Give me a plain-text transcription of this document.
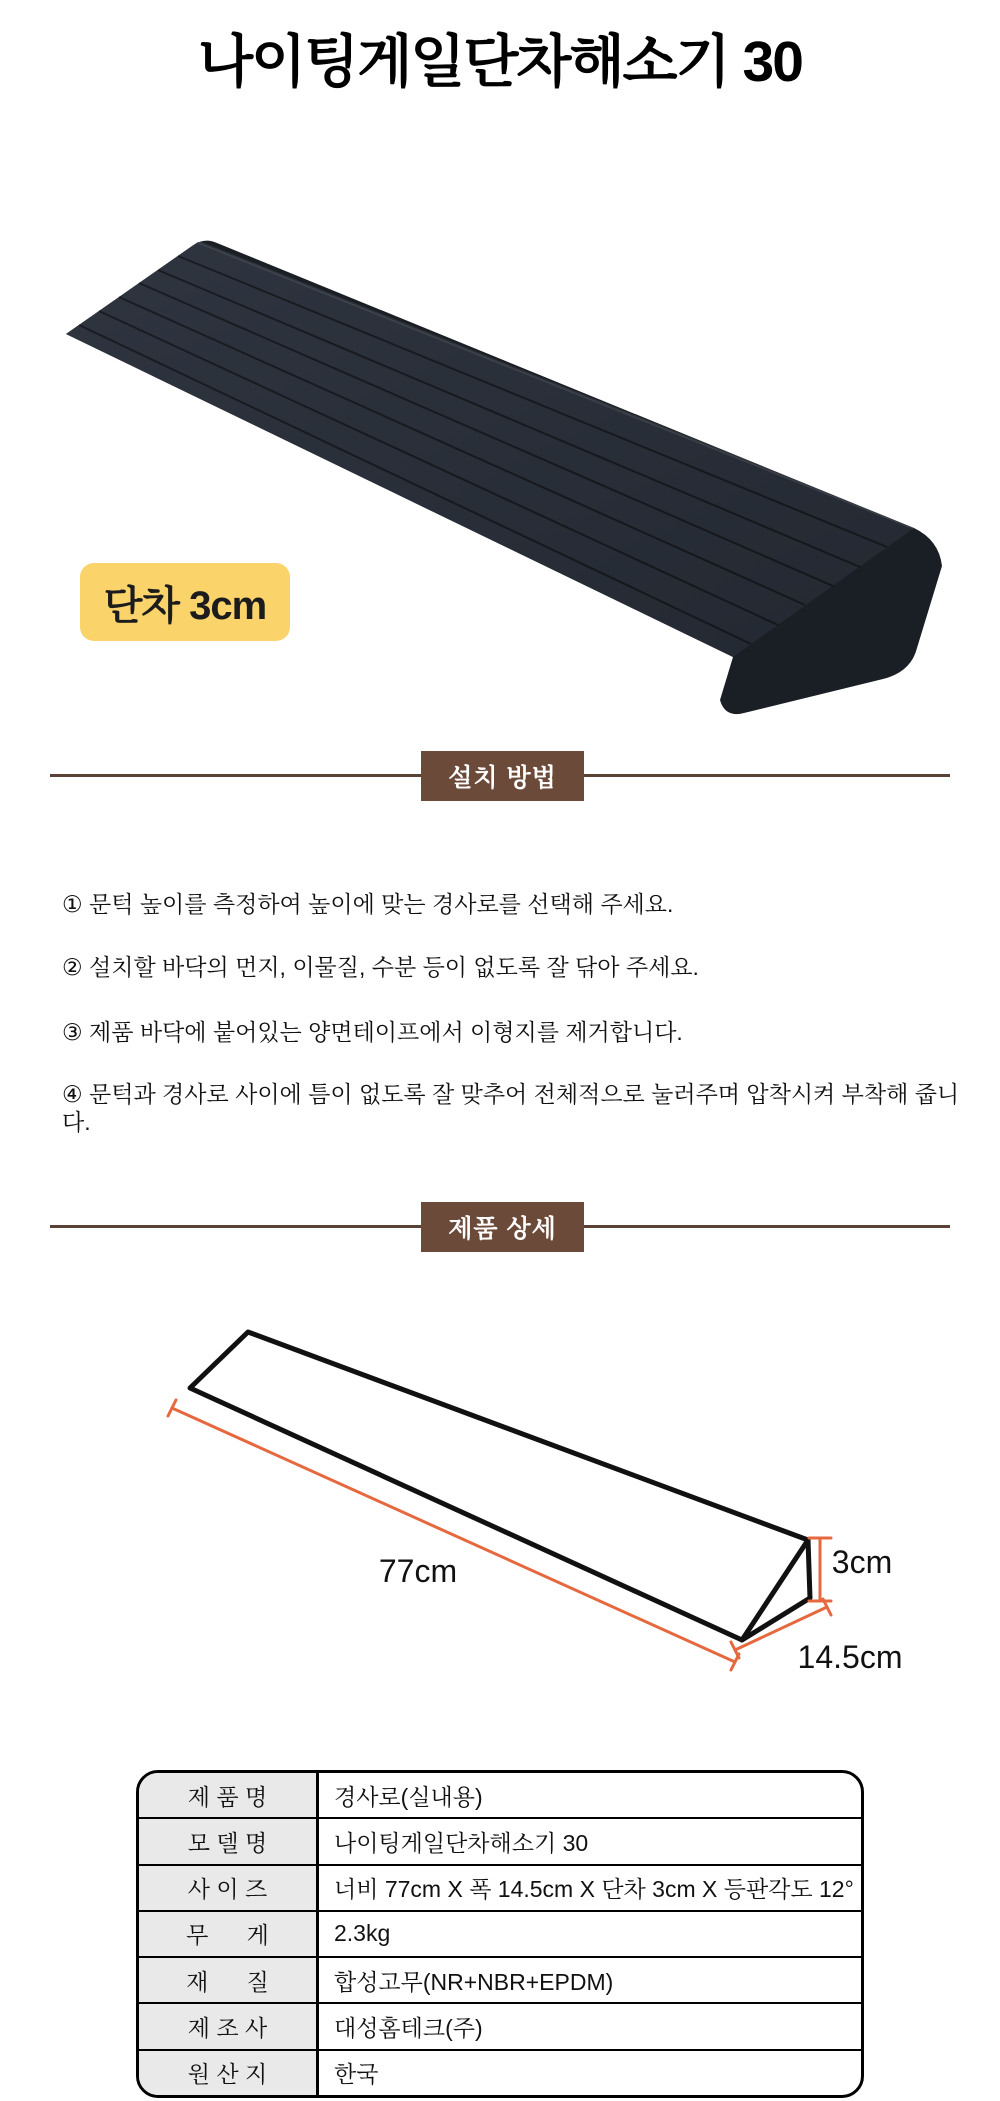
나이팅게일단차해소기 30
단차 3cm
설치 방법
① 문턱 높이를 측정하여 높이에 맞는 경사로를 선택해 주세요.
② 설치할 바닥의 먼지, 이물질, 수분 등이 없도록 잘 닦아 주세요.
③ 제품 바닥에 붙어있는 양면테이프에서 이형지를 제거합니다.
④ 문턱과 경사로 사이에 틈이 없도록 잘 맞추어 전체적으로 눌러주며 압착시켜 부착해 줍니다.
제품 상세
77cm	3cm
14.5cm
제 품 명	경사로(실내용)
모 델 명	나이팅게일단차해소기 30
사 이 즈	너비 77cm X 폭 14.5cm X 단차 3cm X 등판각도 12°
무      게	2.3kg
재      질	합성고무(NR+NBR+EPDM)
제 조 사	대성홈테크(주)
원 산 지	한국
